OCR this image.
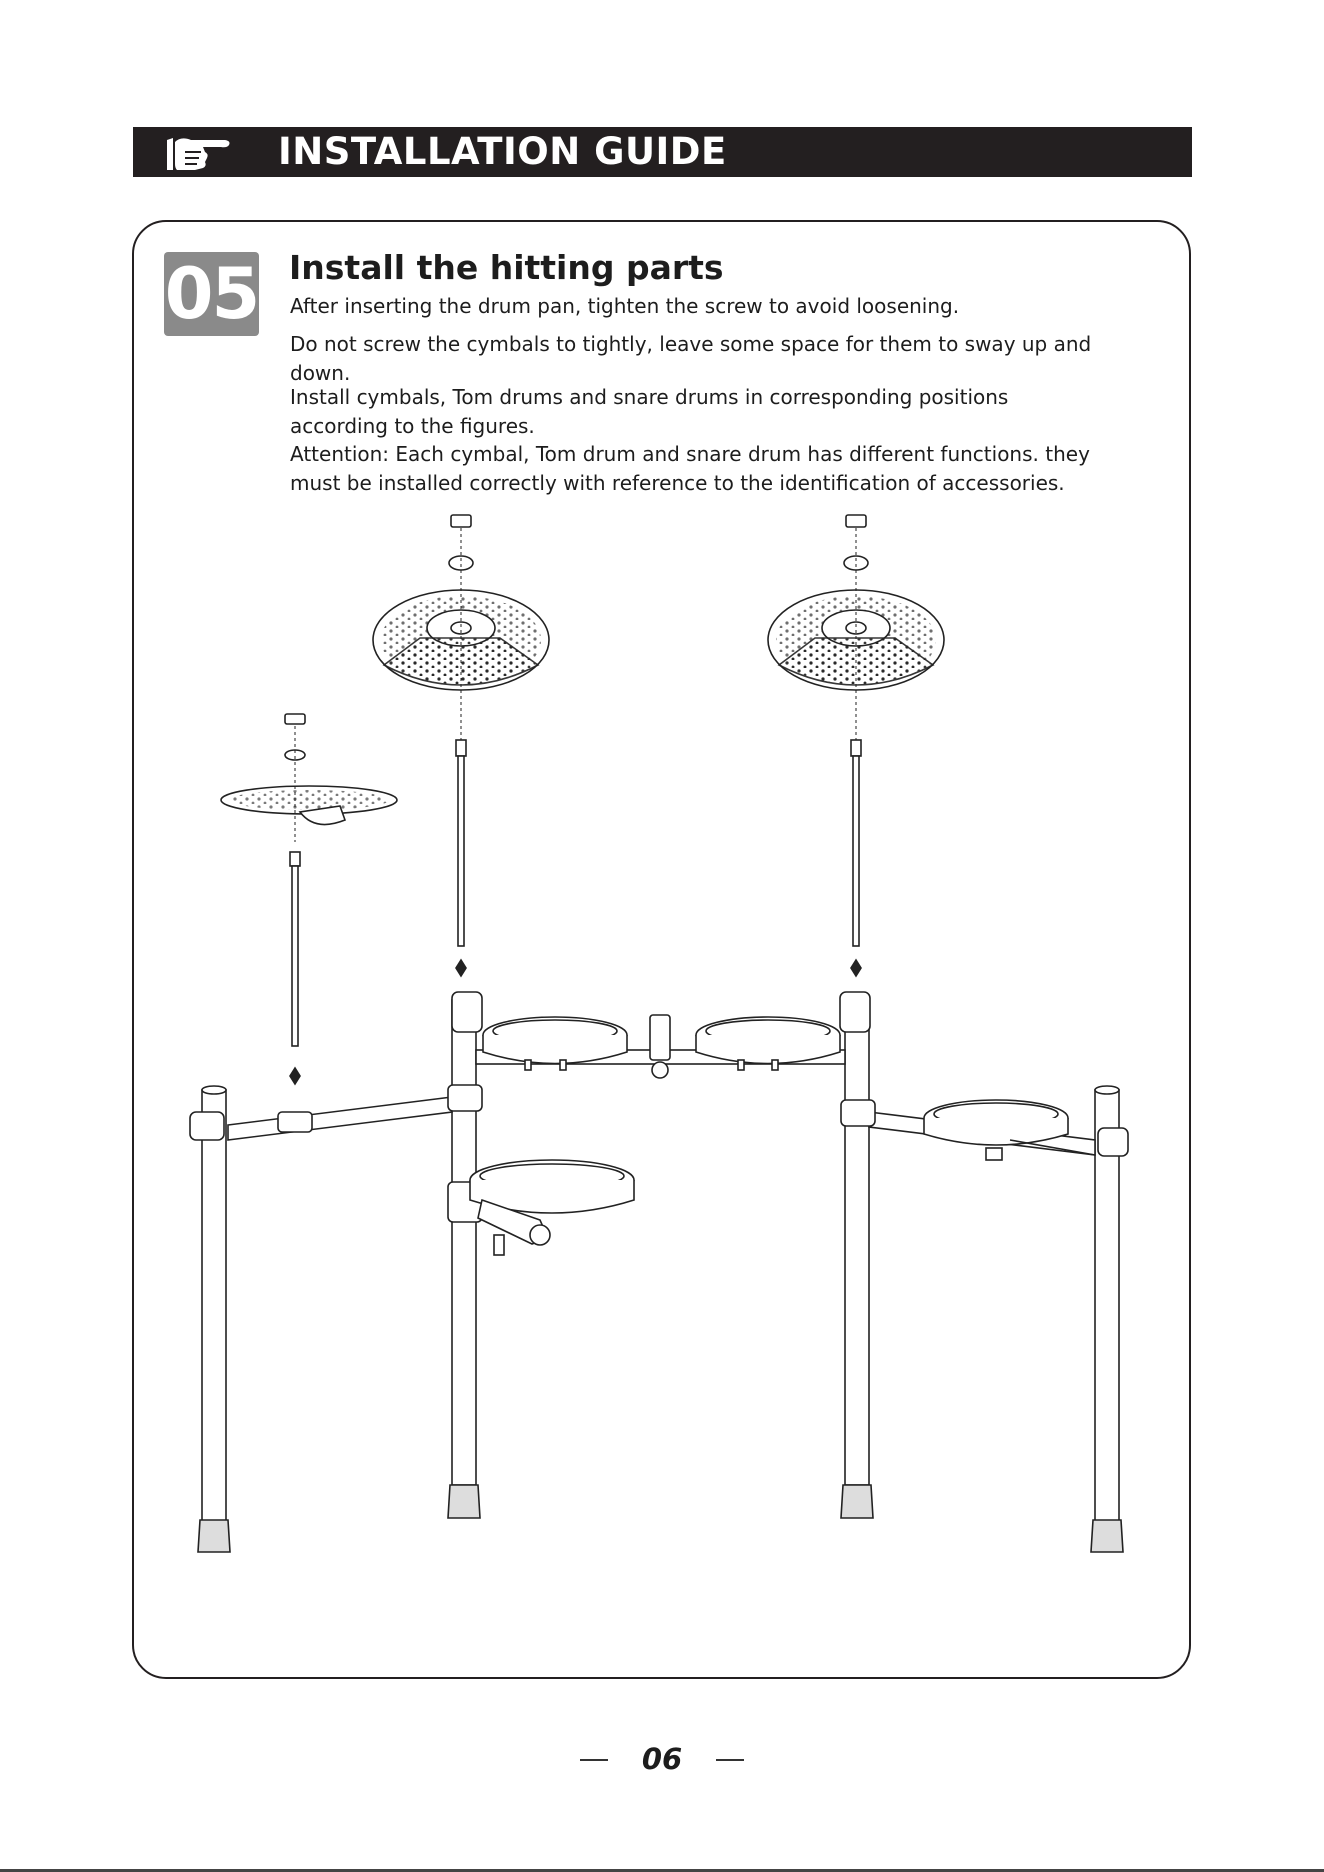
INSTALLATION GUIDE
05 Install the hitting parts
After inserting the drum pan, tighten the screw to avoid loosening.
Do not screw the cymbals to tightly, leave some space for them to sway up and down.
Install cymbals, Tom drums and snare drums in corresponding positions according to the figures.
Attention: Each cymbal, Tom drum and snare drum has different functions. they must be installed correctly with reference to the identification of accessories.
06
